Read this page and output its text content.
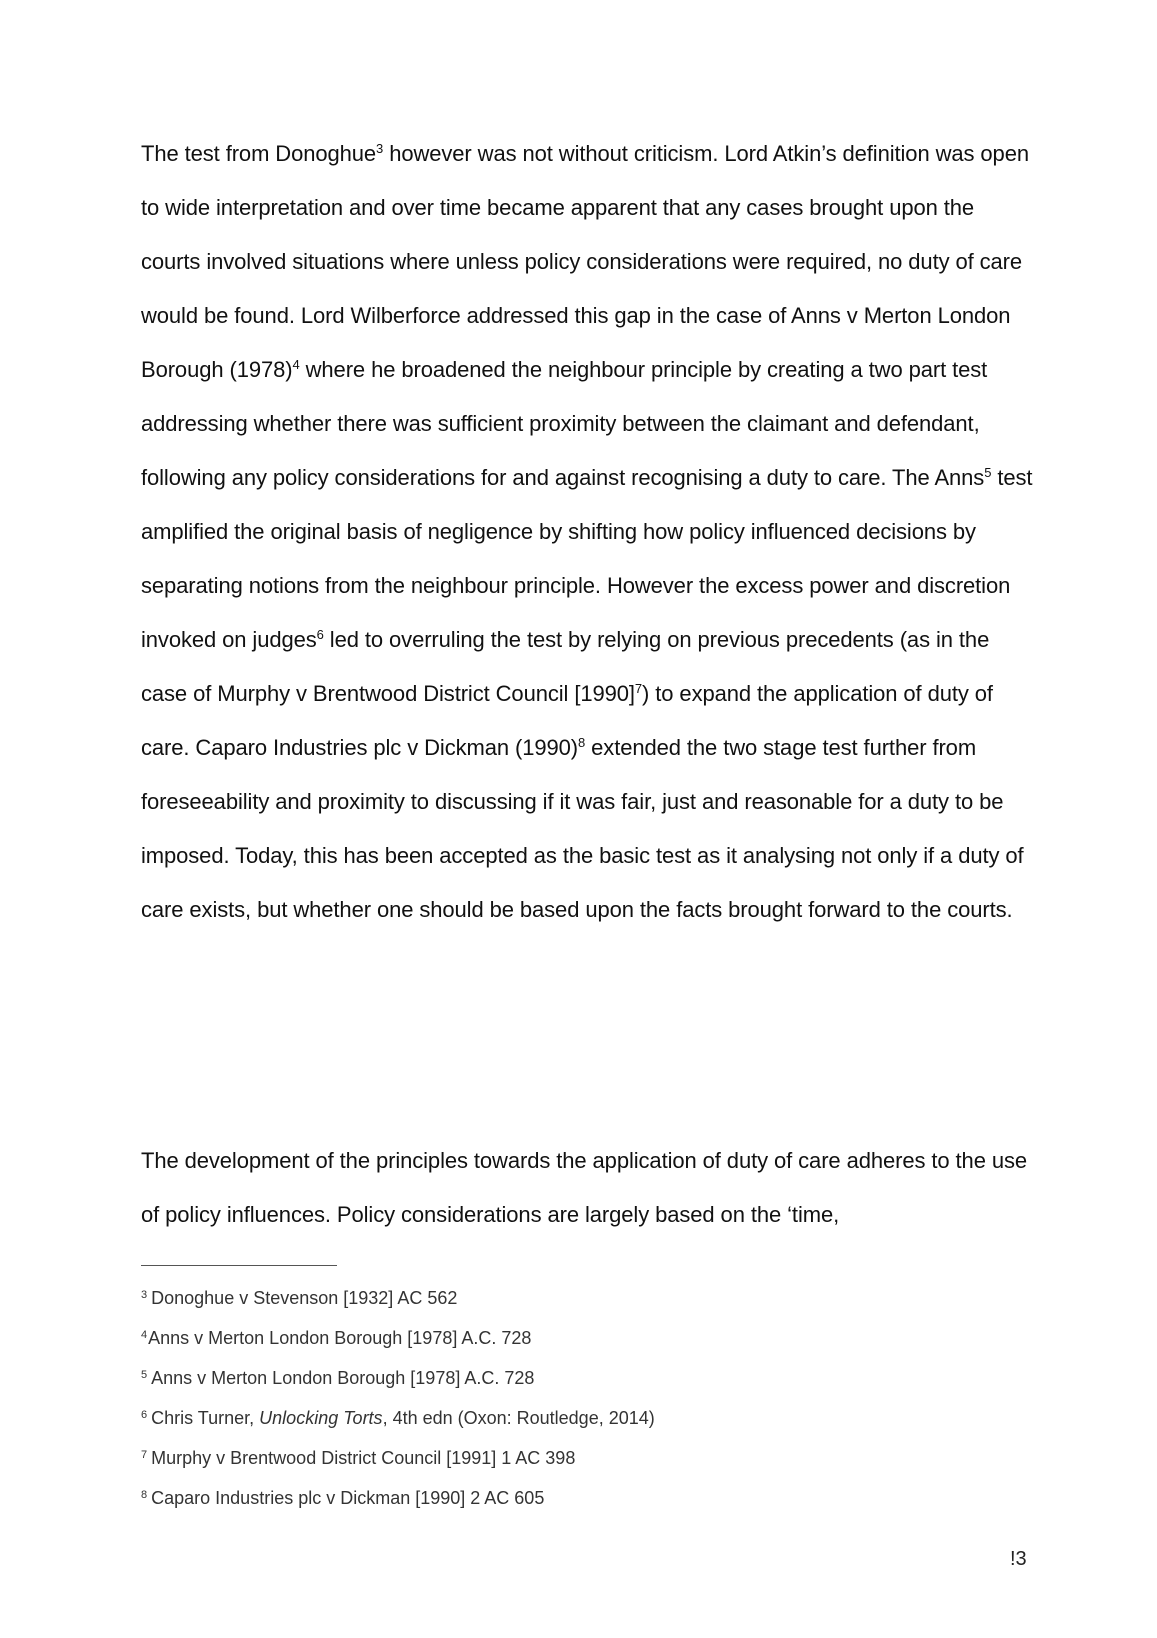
The test from Donoghue$^3$ however was not without criticism. Lord Atkin’s definition was open to wide interpretation and over time became apparent that any cases brought upon the courts involved situations where unless policy considerations were required, no duty of care would be found. Lord Wilberforce addressed this gap in the case of Anns v Merton London Borough (1978)$^4$ where he broadened the neighbour principle by creating a two part test addressing whether there was sufficient proximity between the claimant and defendant, following any policy considerations for and against recognising a duty to care. The Anns$^5$ test amplified the original basis of negligence by shifting how policy influenced decisions by separating notions from the neighbour principle. However the excess power and discretion invoked on judges$^6$ led to overruling the test by relying on previous precedents (as in the case of Murphy v Brentwood District Council [1990]$^7$) to expand the application of duty of care. Caparo Industries plc v Dickman (1990)$^8$ extended the two stage test further from foreseeability and proximity to discussing if it was fair, just and reasonable for a duty to be imposed. Today, this has been accepted as the basic test as it analysing not only if a duty of care exists, but whether one should be based upon the facts brought forward to the courts.

The development of the principles towards the application of duty of care adheres to the use of policy influences. Policy considerations are largely based on the ‘time,

$^3$ Donoghue v Stevenson [1932] AC 562
$^4$Anns v Merton London Borough [1978] A.C. 728
$^5$ Anns v Merton London Borough [1978] A.C. 728
$^6$ Chris Turner, Unlocking Torts, 4th edn (Oxon: Routledge, 2014)
$^7$ Murphy v Brentwood District Council [1991] 1 AC 398
$^8$ Caparo Industries plc v Dickman [1990] 2 AC 605
!3
